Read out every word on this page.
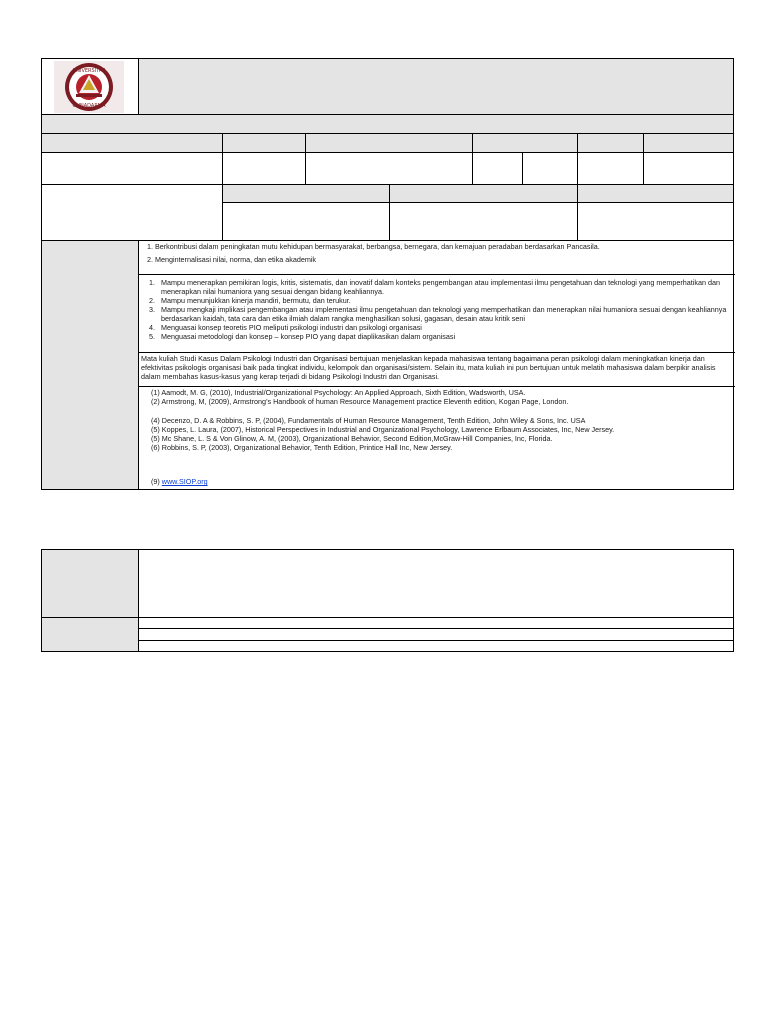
UNIVERSITAS
GUNADARMA
1. Berkontribusi dalam peningkatan mutu kehidupan bermasyarakat, berbangsa, bernegara, dan kemajuan peradaban berdasarkan Pancasila.
2. Menginternalisasi nilai, norma, dan etika akademik
1. Mampu menerapkan pemikiran logis, kritis, sistematis, dan inovatif dalam konteks pengembangan atau implementasi ilmu pengetahuan dan teknologi yang memperhatikan dan menerapkan nilai humaniora yang sesuai dengan bidang keahliannya.
2. Mampu menunjukkan kinerja mandiri, bermutu, dan terukur.
3. Mampu mengkaji implikasi pengembangan atau implementasi ilmu pengetahuan dan teknologi yang memperhatikan dan menerapkan nilai humaniora sesuai dengan keahliannya berdasarkan kaidah, tata cara dan etika ilmiah dalam rangka menghasilkan solusi, gagasan, desain atau kritik seni
4. Menguasai konsep teoretis PIO meliputi psikologi industri dan psikologi organisasi
5. Menguasai metodologi dan konsep – konsep PIO yang dapat diaplikasikan dalam organisasi
Mata kuliah Studi Kasus Dalam Psikologi Industri dan Organisasi bertujuan menjelaskan kepada mahasiswa tentang bagaimana peran psikologi dalam meningkatkan kinerja dan efektivitas psikologis organisasi baik pada tingkat individu, kelompok dan organisasi/sistem. Selain itu, mata kuliah ini pun bertujuan untuk melatih mahasiswa dalam berpikir analisis dalam membahas kasus-kasus yang kerap terjadi di bidang Psikologi Industri dan Organisasi.
(1) Aamodt, M. G, (2010), Industrial/Organizational Psychology: An Applied Approach, Sixth Edition, Wadsworth, USA.
(2) Armstrong, M, (2009), Armstrong’s Handbook of human Resource Management practice Eleventh edition, Kogan Page, London.
(4) Decenzo, D. A & Robbins, S. P, (2004), Fundamentals of Human Resource Management, Tenth Edition, John Wiley & Sons, Inc. USA
(5) Koppes, L. Laura, (2007), Historical Perspectives in Industrial and Organizational Psychology, Lawrence Erlbaum Associates, Inc, New Jersey.
(5) Mc Shane, L. S & Von Glinow, A. M, (2003), Organizational Behavior, Second Edition,McGraw-Hill Companies, Inc, Florida.
(6) Robbins, S. P, (2003), Organizational Behavior, Tenth Edition, Printice Hall Inc, New Jersey.
(9) www.SIOP.org
